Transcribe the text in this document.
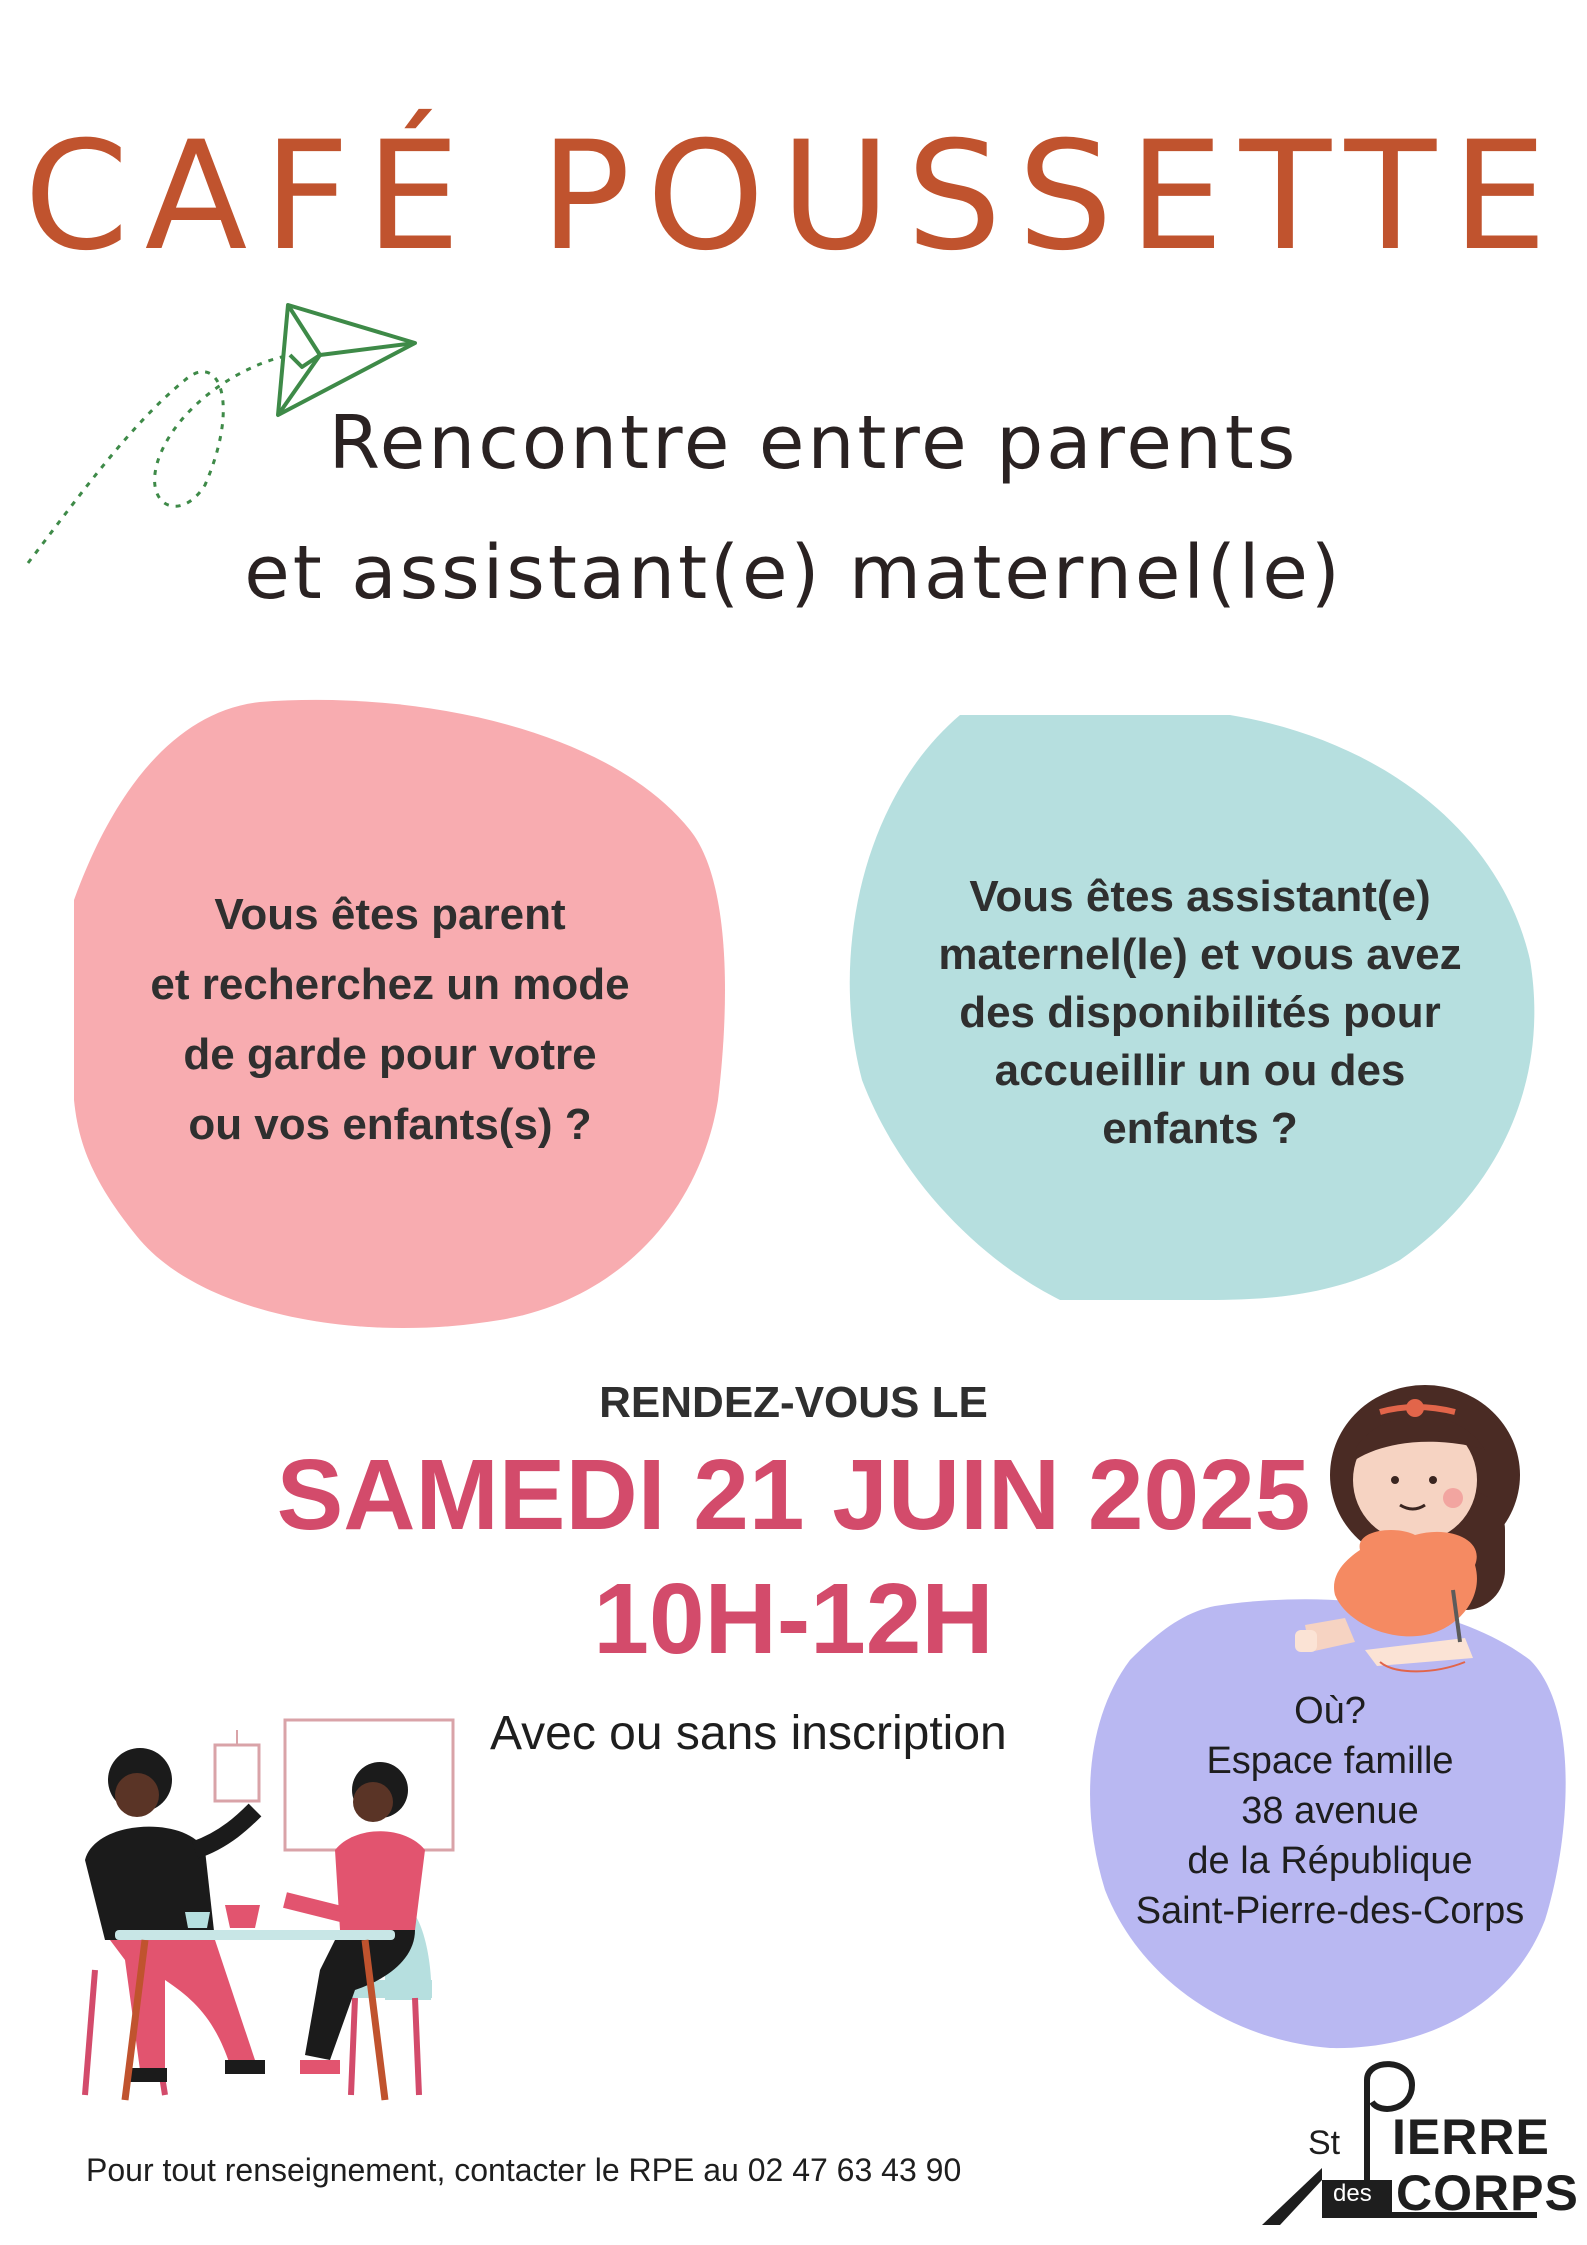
CAFÉ POUSSETTE
Rencontre entre parents
et assistant(e) maternel(le)
Vous êtes parent
et recherchez un mode
de garde pour votre
ou vos enfants(s) ?
Vous êtes assistant(e)
maternel(le) et vous avez
des disponibilités pour
accueillir un ou des
enfants ?
RENDEZ-VOUS LE
SAMEDI 21 JUIN 2025
10H-12H
Avec ou sans inscription	Où?
Espace famille
38 avenue
de la République
Saint-Pierre-des-Corps
Pour tout renseignement, contacter le RPE au 02 47 63 43 90
St IERRE
des CORPS
